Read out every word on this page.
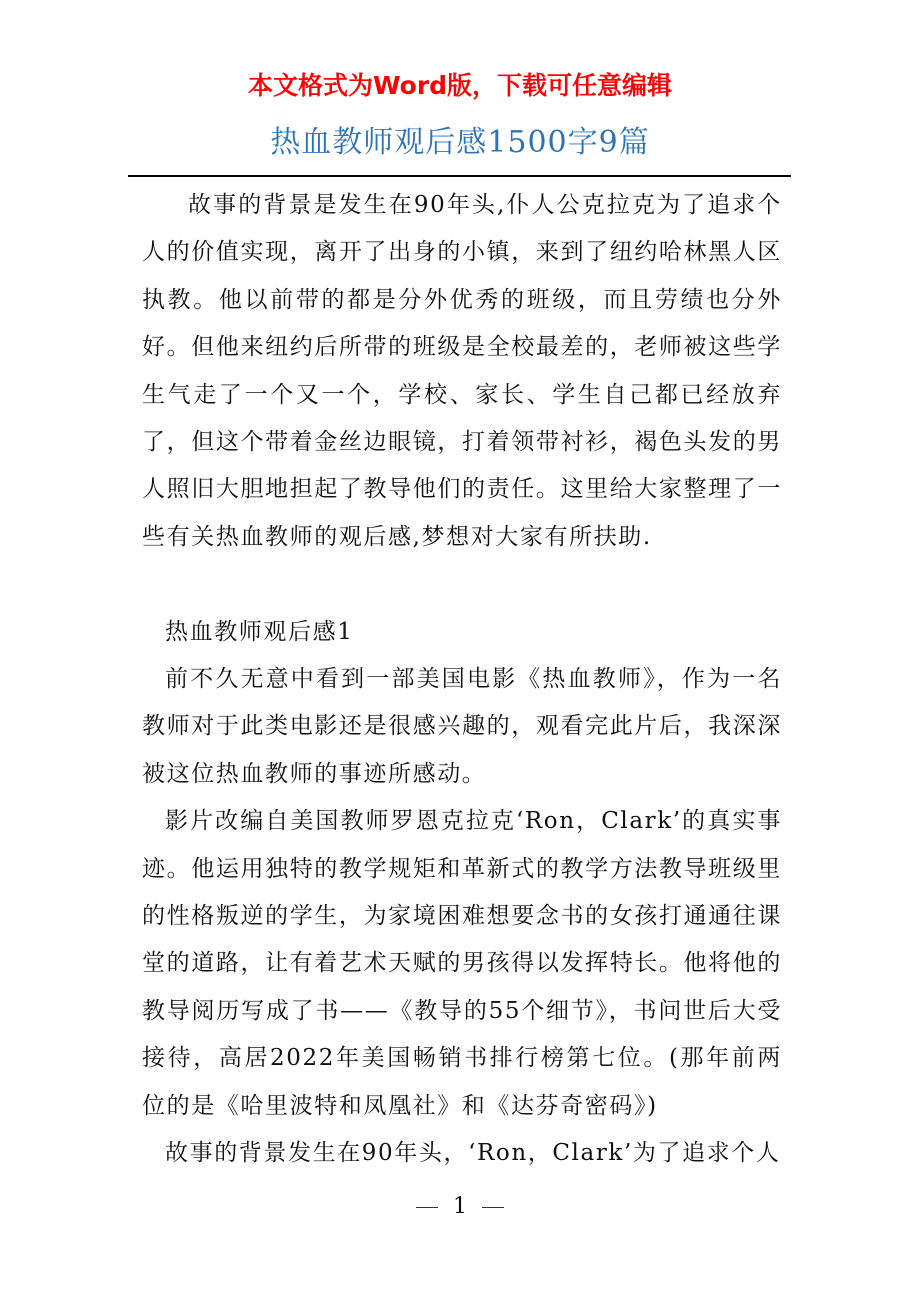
本文格式为Word版，下载可任意编辑
热血教师观后感1500字9篇

故事的背景是发生在90年头,仆人公克拉克为了追求个人的价值实现，离开了出身的小镇，来到了纽约哈林黑人区执教。他以前带的都是分外优秀的班级，而且劳绩也分外好。但他来纽约后所带的班级是全校最差的，老师被这些学生气走了一个又一个，学校、家长、学生自己都已经放弃了，但这个带着金丝边眼镜，打着领带衬衫，褐色头发的男人照旧大胆地担起了教导他们的责任。这里给大家整理了一些有关热血教师的观后感,梦想对大家有所扶助.

热血教师观后感1

前不久无意中看到一部美国电影《热血教师》，作为一名教师对于此类电影还是很感兴趣的，观看完此片后，我深深被这位热血教师的事迹所感动。

影片改编自美国教师罗恩克拉克‘Ron，Clark’的真实事迹。他运用独特的教学规矩和革新式的教学方法教导班级里的性格叛逆的学生，为家境困难想要念书的女孩打通通往课堂的道路，让有着艺术天赋的男孩得以发挥特长。他将他的教导阅历写成了书——《教导的55个细节》，书问世后大受接待，高居2022年美国畅销书排行榜第七位。(那年前两位的是《哈里波特和凤凰社》和《达芬奇密码》)

故事的背景发生在90年头，‘Ron，Clark’为了追求个人

1
